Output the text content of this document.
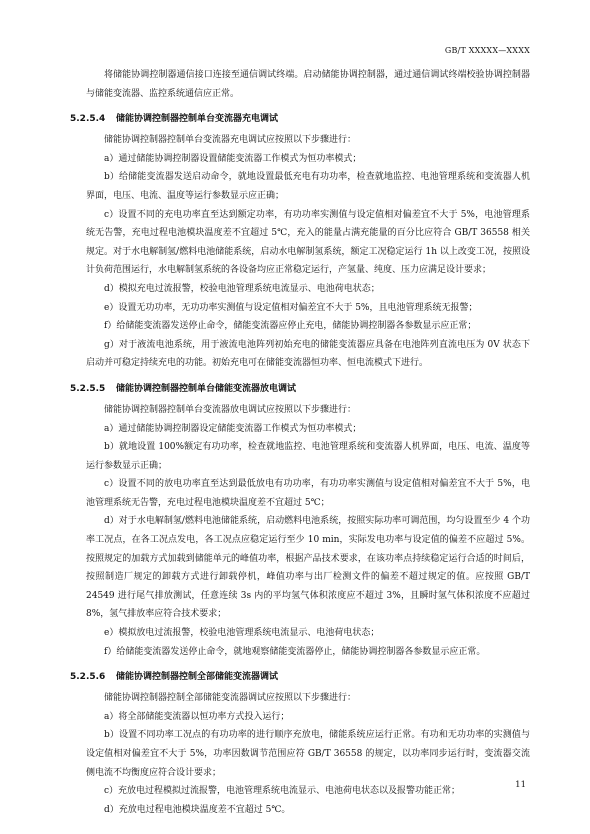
GB/T XXXXX—XXXX

将储能协调控制器通信接口连接至通信调试终端。启动储能协调控制器，通过通信调试终端校验协调控制器与储能变流器、监控系统通信应正常。

5.2.5.4 储能协调控制器控制单台变流器充电调试

储能协调控制器控制单台变流器充电调试应按照以下步骤进行：

a）通过储能协调控制器设置储能变流器工作模式为恒功率模式；

b）给储能变流器发送启动命令，就地设置最低充电有功功率，检查就地监控、电池管理系统和变流器人机界面，电压、电流、温度等运行参数显示应正确；

c）设置不同的充电功率直至达到额定功率，有功功率实测值与设定值相对偏差宜不大于 5%，电池管理系统无告警，充电过程电池模块温度差不宜超过 5℃，充入的能量占满充能量的百分比应符合 GB/T 36558 相关规定。对于水电解制氢/燃料电池储能系统，启动水电解制氢系统，额定工况稳定运行 1h 以上改变工况，按照设计负荷范围运行，水电解制氢系统的各设备均应正常稳定运行，产氢量、纯度、压力应满足设计要求；

d）模拟充电过流报警，校验电池管理系统电流显示、电池荷电状态；

e）设置无功功率，无功功率实测值与设定值相对偏差宜不大于 5%，且电池管理系统无报警；

f）给储能变流器发送停止命令，储能变流器应停止充电，储能协调控制器各参数显示应正常；

g）对于液流电池系统，用于液流电池阵列初始充电的储能变流器应具备在电池阵列直流电压为 0V 状态下启动并可稳定持续充电的功能。初始充电可在储能变流器恒功率、恒电流模式下进行。

5.2.5.5 储能协调控制器控制单台储能变流器放电调试

储能协调控制器控制单台变流器放电调试应按照以下步骤进行：

a）通过储能协调控制器设定储能变流器工作模式为恒功率模式；

b）就地设置 100%额定有功功率，检查就地监控、电池管理系统和变流器人机界面，电压、电流、温度等运行参数显示正确；

c）设置不同的放电功率直至达到最低放电有功功率，有功功率实测值与设定值相对偏差宜不大于 5%，电池管理系统无告警，充电过程电池模块温度差不宜超过 5℃；

d）对于水电解制氢/燃料电池储能系统，启动燃料电池系统，按照实际功率可调范围，均匀设置至少 4 个功率工况点，在各工况点发电，各工况点应稳定运行至少 10 min，实际发电功率与设定值的偏差不应超过 5%。按照规定的加载方式加载到储能单元的峰值功率，根据产品技术要求，在该功率点持续稳定运行合适的时间后，按照制造厂规定的卸载方式进行卸载停机，峰值功率与出厂检测文件的偏差不超过规定的值。应按照 GB/T 24549 进行尾气排放测试，任意连续 3s 内的平均氢气体积浓度应不超过 3%，且瞬时氢气体积浓度不应超过 8%，氢气排放率应符合技术要求；

e）模拟放电过流报警，校验电池管理系统电流显示、电池荷电状态；

f）给储能变流器发送停止命令，就地观察储能变流器停止，储能协调控制器各参数显示应正常。

5.2.5.6 储能协调控制器控制全部储能变流器调试

储能协调控制器控制全部储能变流器调试应按照以下步骤进行：

a）将全部储能变流器以恒功率方式投入运行；

b）设置不同功率工况点的有功功率的进行顺序充放电，储能系统应运行正常。有功和无功功率的实测值与设定值相对偏差宜不大于 5%，功率因数调节范围应符 GB/T 36558 的规定，以功率同步运行时，变流器交流侧电流不均衡度应符合设计要求；

c）充放电过程模拟过流报警，电池管理系统电流显示、电池荷电状态以及报警功能正常；

d）充放电过程电池模块温度差不宜超过 5℃。

11
